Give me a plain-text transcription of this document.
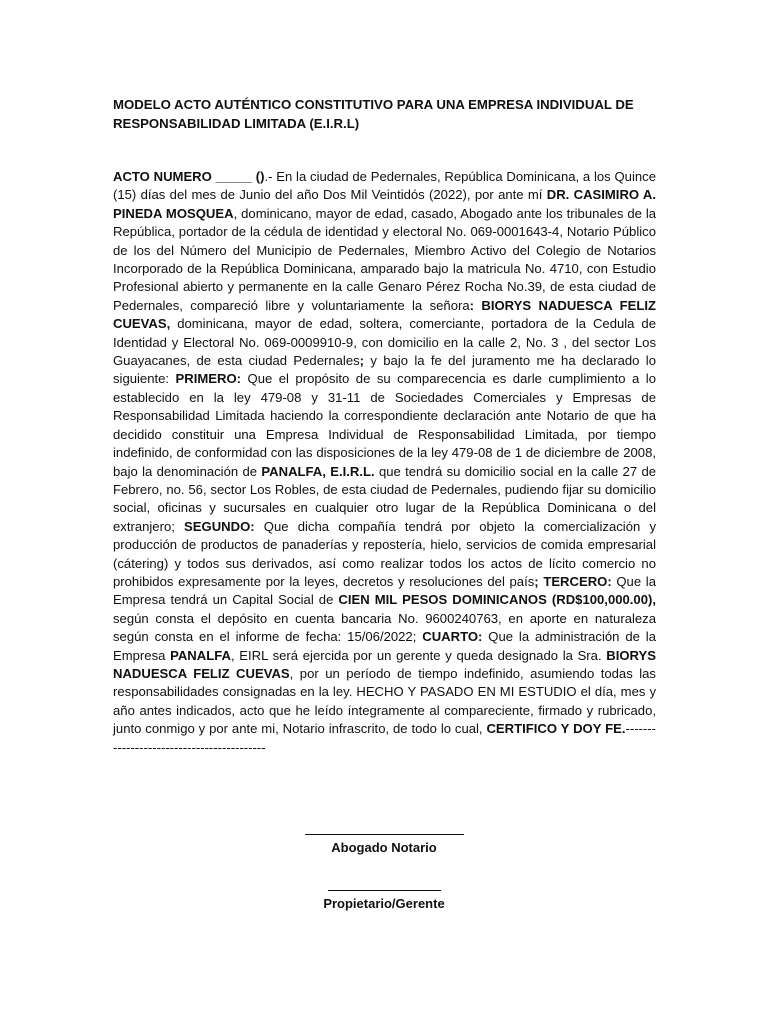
MODELO ACTO AUTÉNTICO CONSTITUTIVO PARA UNA EMPRESA INDIVIDUAL DE RESPONSABILIDAD LIMITADA (E.I.R.L)
ACTO NUMERO _____ ().- En la ciudad de Pedernales, República Dominicana, a los Quince (15) días del mes de Junio del año Dos Mil Veintidós (2022), por ante mí DR. CASIMIRO A. PINEDA MOSQUEA, dominicano, mayor de edad, casado, Abogado ante los tribunales de la República, portador de la cédula de identidad y electoral No. 069-0001643-4, Notario Público de los del Número del Municipio de Pedernales, Miembro Activo del Colegio de Notarios Incorporado de la República Dominicana, amparado bajo la matricula No. 4710, con Estudio Profesional abierto y permanente en la calle Genaro Pérez Rocha No.39, de esta ciudad de Pedernales, compareció libre y voluntariamente la señora: BIORYS NADUESCA FELIZ CUEVAS, dominicana, mayor de edad, soltera, comerciante, portadora de la Cedula de Identidad y Electoral No. 069-0009910-9, con domicilio en la calle 2, No. 3 , del sector Los Guayacanes, de esta ciudad Pedernales; y bajo la fe del juramento me ha declarado lo siguiente: PRIMERO: Que el propósito de su comparecencia es darle cumplimiento a lo establecido en la ley 479-08 y 31-11 de Sociedades Comerciales y Empresas de Responsabilidad Limitada haciendo la correspondiente declaración ante Notario de que ha decidido constituir una Empresa Individual de Responsabilidad Limitada, por tiempo indefinido, de conformidad con las disposiciones de la ley 479-08 de 1 de diciembre de 2008, bajo la denominación de PANALFA, E.I.R.L. que tendrá su domicilio social en la calle 27 de Febrero, no. 56, sector Los Robles, de esta ciudad de Pedernales, pudiendo fijar su domicilio social, oficinas y sucursales en cualquier otro lugar de la República Dominicana o del extranjero; SEGUNDO: Que dicha compañía tendrá por objeto la comercialización y producción de productos de panaderías y repostería, hielo, servicios de comida empresarial (cátering) y todos sus derivados, así como realizar todos los actos de lícito comercio no prohibidos expresamente por la leyes, decretos y resoluciones del país; TERCERO: Que la Empresa tendrá un Capital Social de CIEN MIL PESOS DOMINICANOS (RD$100,000.00), según consta el depósito en cuenta bancaria No. 9600240763, en aporte en naturaleza según consta en el informe de fecha: 15/06/2022; CUARTO: Que la administración de la Empresa PANALFA, EIRL será ejercida por un gerente y queda designado la Sra. BIORYS NADUESCA FELIZ CUEVAS, por un período de tiempo indefinido, asumiendo todas las responsabilidades consignadas en la ley. HECHO Y PASADO EN MI ESTUDIO el día, mes y año antes indicados, acto que he leído íntegramente al compareciente, firmado y rubricado, junto conmigo y por ante mi, Notario infrascrito, de todo lo cual, CERTIFICO Y DOY FE.------------------------------------------
Abogado Notario
Propietario/Gerente
